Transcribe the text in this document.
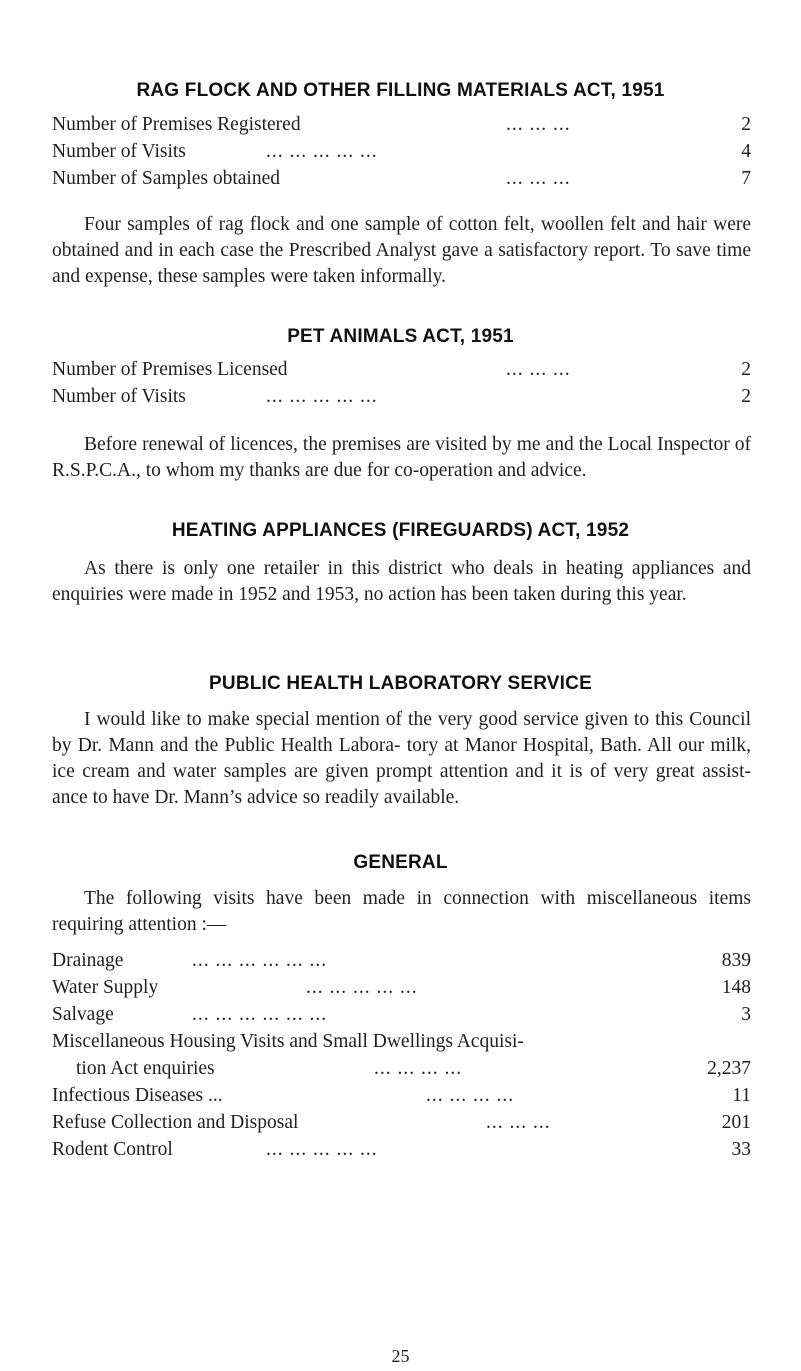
RAG FLOCK AND OTHER FILLING MATERIALS ACT, 1951
Number of Premises Registered	... ... ...	2
Number of Visits	... ... ... ... ...	4
Number of Samples obtained	... ... ...	7
Four samples of rag flock and one sample of cotton felt, woollen felt and hair were obtained and in each case the Prescribed Analyst gave a satisfactory report. To save time and expense, these samples were taken informally.
PET ANIMALS ACT, 1951
Number of Premises Licensed	... ... ...	2
Number of Visits	... ... ... ... ...	2
Before renewal of licences, the premises are visited by me and the Local Inspector of R.S.P.C.A., to whom my thanks are due for co-operation and advice.
HEATING APPLIANCES (FIREGUARDS) ACT, 1952
As there is only one retailer in this district who deals in heating appliances and enquiries were made in 1952 and 1953, no action has been taken during this year.
PUBLIC HEALTH LABORATORY SERVICE
I would like to make special mention of the very good service given to this Council by Dr. Mann and the Public Health Labora- tory at Manor Hospital, Bath. All our milk, ice cream and water samples are given prompt attention and it is of very great assist- ance to have Dr. Mann’s advice so readily available.
GENERAL
The following visits have been made in connection with miscellaneous items requiring attention :—
Drainage	... ... ... ... ... ...	839
Water Supply	... ... ... ... ...	148
Salvage	... ... ... ... ... ...	3
Miscellaneous Housing Visits and Small Dwellings Acquisi-
tion Act enquiries	... ... ... ...	2,237
Infectious Diseases ...	... ... ... ...	11
Refuse Collection and Disposal	... ... ...	201
Rodent Control	... ... ... ... ...	33
25
